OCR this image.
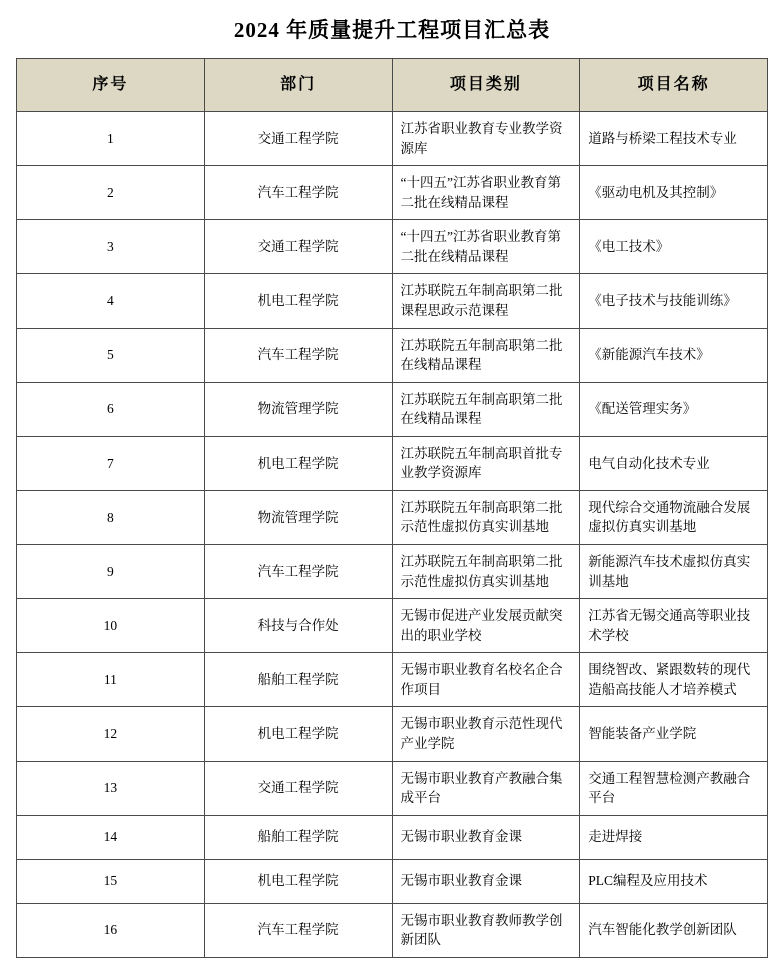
2024 年质量提升工程项目汇总表
序号	部门	项目类别	项目名称
1	交通工程学院	江苏省职业教育专业教学资源库	道路与桥梁工程技术专业
2	汽车工程学院	“十四五”江苏省职业教育第二批在线精品课程	《驱动电机及其控制》
3	交通工程学院	“十四五”江苏省职业教育第二批在线精品课程	《电工技术》
4	机电工程学院	江苏联院五年制高职第二批课程思政示范课程	《电子技术与技能训练》
5	汽车工程学院	江苏联院五年制高职第二批在线精品课程	《新能源汽车技术》
6	物流管理学院	江苏联院五年制高职第二批在线精品课程	《配送管理实务》
7	机电工程学院	江苏联院五年制高职首批专业教学资源库	电气自动化技术专业
8	物流管理学院	江苏联院五年制高职第二批示范性虚拟仿真实训基地	现代综合交通物流融合发展虚拟仿真实训基地
9	汽车工程学院	江苏联院五年制高职第二批示范性虚拟仿真实训基地	新能源汽车技术虚拟仿真实训基地
10	科技与合作处	无锡市促进产业发展贡献突出的职业学校	江苏省无锡交通高等职业技术学校
11	船舶工程学院	无锡市职业教育名校名企合作项目	围绕智改、紧跟数转的现代造船高技能人才培养模式
12	机电工程学院	无锡市职业教育示范性现代产业学院	智能装备产业学院
13	交通工程学院	无锡市职业教育产教融合集成平台	交通工程智慧检测产教融合平台
14	船舶工程学院	无锡市职业教育金课	走进焊接
15	机电工程学院	无锡市职业教育金课	PLC编程及应用技术
16	汽车工程学院	无锡市职业教育教师教学创新团队	汽车智能化教学创新团队
